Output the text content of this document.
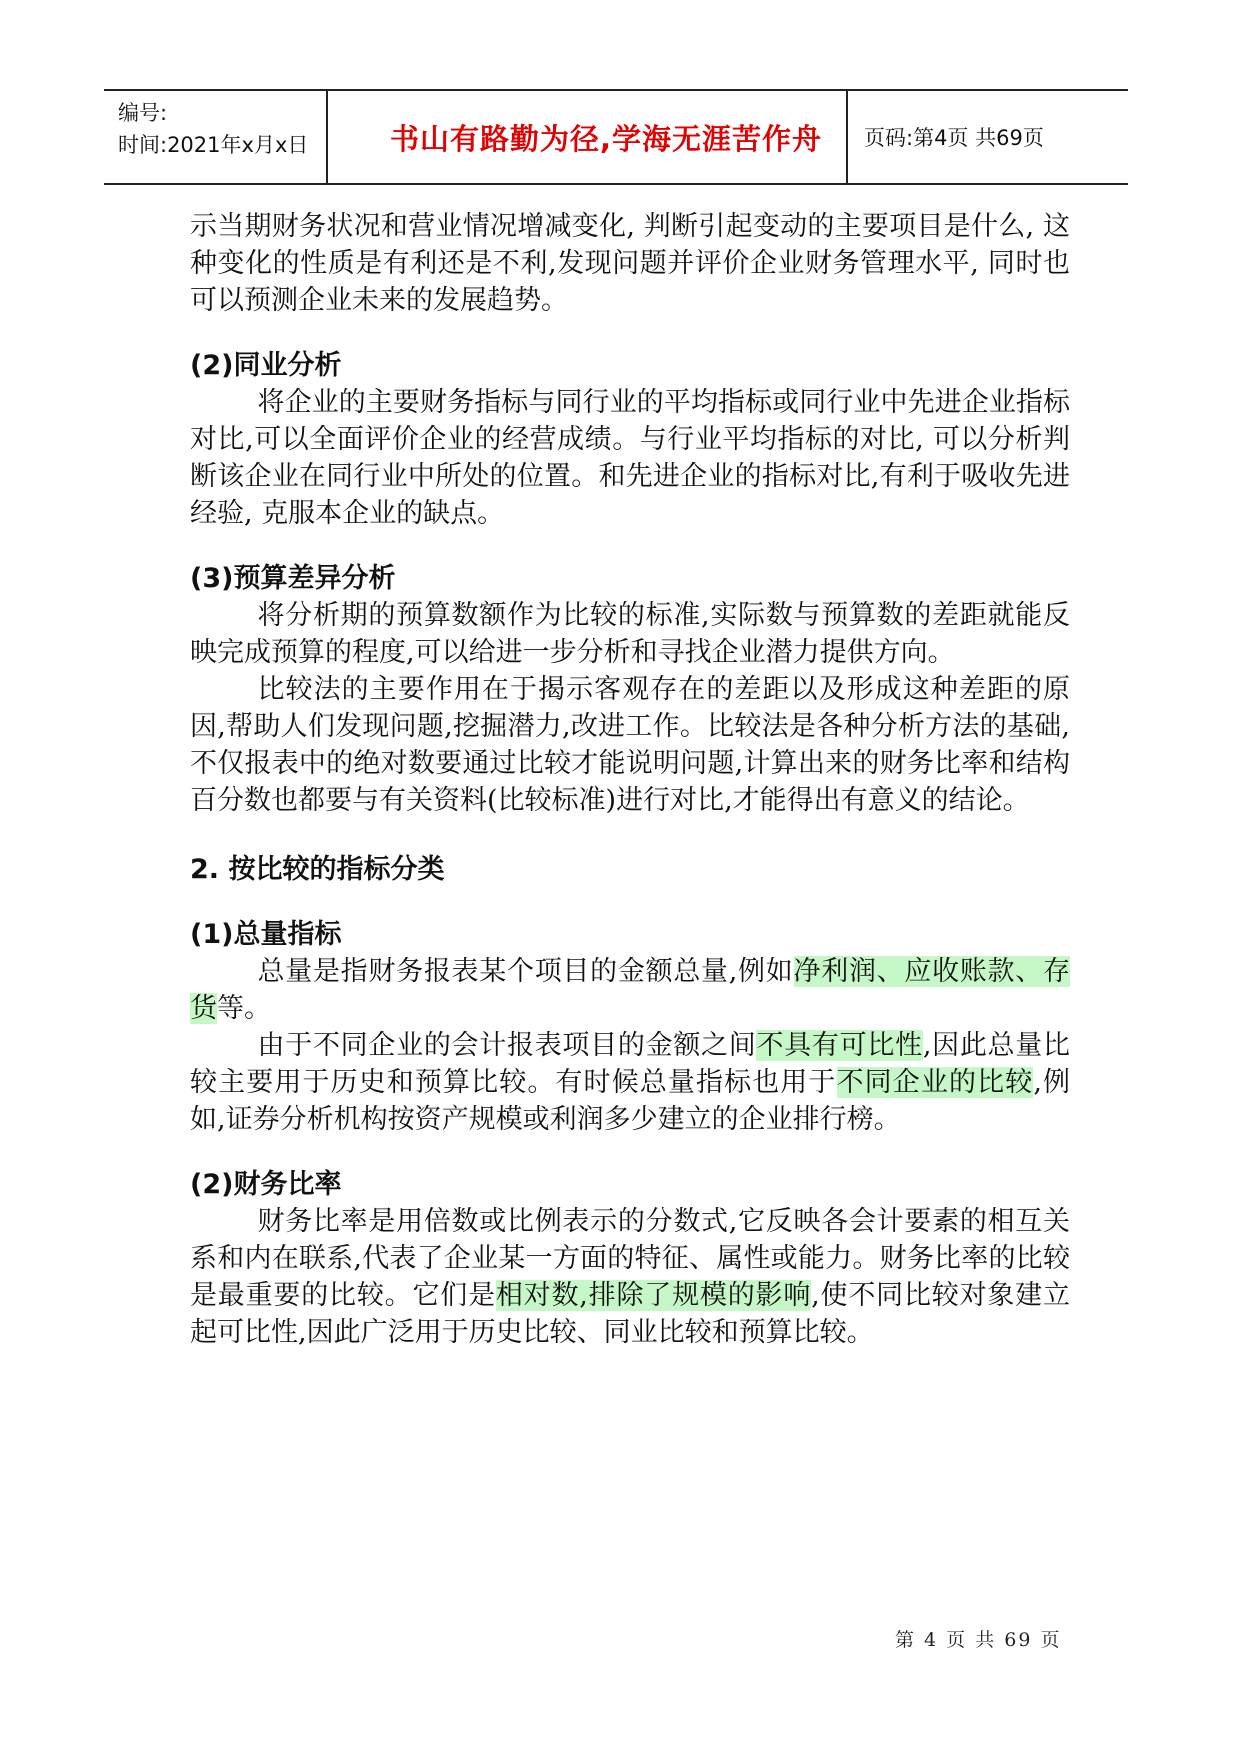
编号:
时间:2021年x月x日	书山有路勤为径,学海无涯苦作舟	页码:第4页 共69页

示当期财务状况和营业情况增减变化, 判断引起变动的主要项目是什么, 这种变化的性质是有利还是不利,发现问题并评价企业财务管理水平, 同时也可以预测企业未来的发展趋势。

(2)同业分析

将企业的主要财务指标与同行业的平均指标或同行业中先进企业指标对比,可以全面评价企业的经营成绩。与行业平均指标的对比, 可以分析判断该企业在同行业中所处的位置。和先进企业的指标对比,有利于吸收先进经验, 克服本企业的缺点。

(3)预算差异分析

将分析期的预算数额作为比较的标准,实际数与预算数的差距就能反映完成预算的程度,可以给进一步分析和寻找企业潜力提供方向。

比较法的主要作用在于揭示客观存在的差距以及形成这种差距的原因,帮助人们发现问题,挖掘潜力,改进工作。比较法是各种分析方法的基础,不仅报表中的绝对数要通过比较才能说明问题,计算出来的财务比率和结构百分数也都要与有关资料(比较标准)进行对比,才能得出有意义的结论。

2. 按比较的指标分类

(1)总量指标

总量是指财务报表某个项目的金额总量,例如净利润、应收账款、存货等。

由于不同企业的会计报表项目的金额之间不具有可比性,因此总量比较主要用于历史和预算比较。有时候总量指标也用于不同企业的比较,例如,证券分析机构按资产规模或利润多少建立的企业排行榜。

(2)财务比率

财务比率是用倍数或比例表示的分数式,它反映各会计要素的相互关系和内在联系,代表了企业某一方面的特征、属性或能力。财务比率的比较是最重要的比较。它们是相对数,排除了规模的影响,使不同比较对象建立起可比性,因此广泛用于历史比较、同业比较和预算比较。

第 4 页 共 69 页
